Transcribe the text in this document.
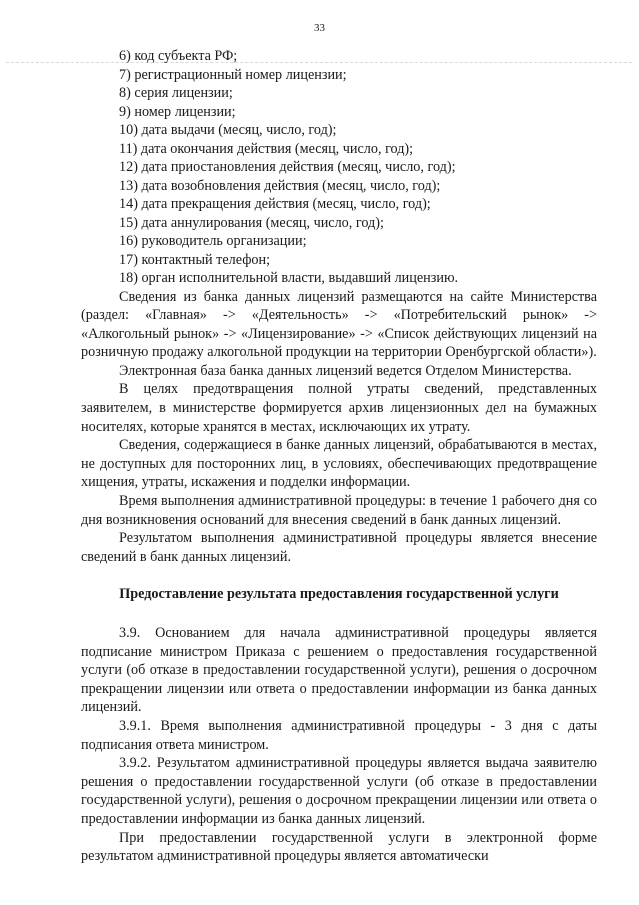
33
6) код субъекта РФ;
7) регистрационный номер лицензии;
8) серия лицензии;
9) номер лицензии;
10) дата выдачи (месяц, число, год);
11) дата окончания действия (месяц, число, год);
12) дата приостановления действия (месяц, число, год);
13) дата возобновления действия (месяц, число, год);
14) дата прекращения действия (месяц, число, год);
15) дата аннулирования (месяц, число, год);
16) руководитель организации;
17) контактный телефон;
18) орган исполнительной власти, выдавший лицензию.
Сведения из банка данных лицензий размещаются на сайте Министерства (раздел: «Главная» -> «Деятельность» -> «Потребительский рынок» -> «Алкогольный рынок» -> «Лицензирование» -> «Список действующих лицензий на розничную продажу алкогольной продукции на территории Оренбургской области»).
Электронная база банка данных лицензий ведется Отделом Министерства.
В целях предотвращения полной утраты сведений, представленных заявителем, в министерстве формируется архив лицензионных дел на бумажных носителях, которые хранятся в местах, исключающих их утрату.
Сведения, содержащиеся в банке данных лицензий, обрабатываются в местах, не доступных для посторонних лиц, в условиях, обеспечивающих предотвращение хищения, утраты, искажения и подделки информации.
Время выполнения административной процедуры: в течение 1 рабочего дня со дня возникновения оснований для внесения сведений в банк данных лицензий.
Результатом выполнения административной процедуры является внесение сведений в банк данных лицензий.
Предоставление результата предоставления государственной услуги
3.9. Основанием для начала административной процедуры является подписание министром Приказа с решением о предоставления государственной услуги (об отказе в предоставлении государственной услуги), решения о досрочном прекращении лицензии или ответа о предоставлении информации из банка данных лицензий.
3.9.1. Время выполнения административной процедуры - 3 дня с даты подписания ответа министром.
3.9.2. Результатом административной процедуры является выдача заявителю решения о предоставлении государственной услуги (об отказе в предоставлении государственной услуги), решения о досрочном прекращении лицензии или ответа о предоставлении информации из банка данных лицензий.
При предоставлении государственной услуги в электронной форме результатом административной процедуры является автоматически
